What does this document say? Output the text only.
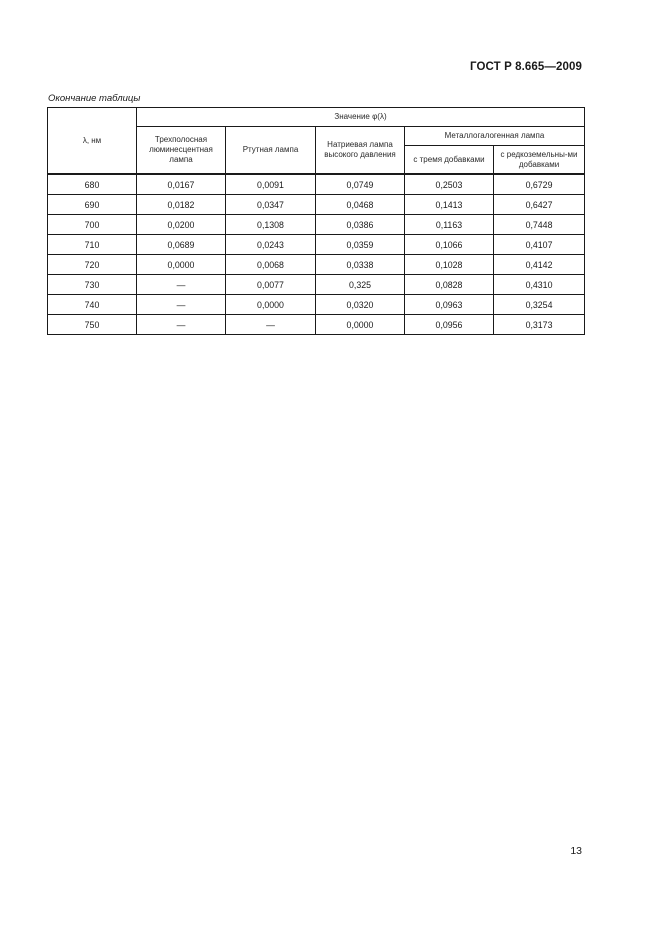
ГОСТ Р 8.665—2009
Окончание таблицы
λ, нм	Значение φ(λ)				
	Трехполосная люминесцентная лампа	Ртутная лампа	Натриевая лампа высокого давления	Металлогалогенная лампа	
				с тремя добавками	с редкоземельны-ми добавками
680	0,0167	0,0091	0,0749	0,2503	0,6729
690	0,0182	0,0347	0,0468	0,1413	0,6427
700	0,0200	0,1308	0,0386	0,1163	0,7448
710	0,0689	0,0243	0,0359	0,1066	0,4107
720	0,0000	0,0068	0,0338	0,1028	0,4142
730	—	0,0077	0,325	0,0828	0,4310
740	—	0,0000	0,0320	0,0963	0,3254
750	—	—	0,0000	0,0956	0,3173
13
